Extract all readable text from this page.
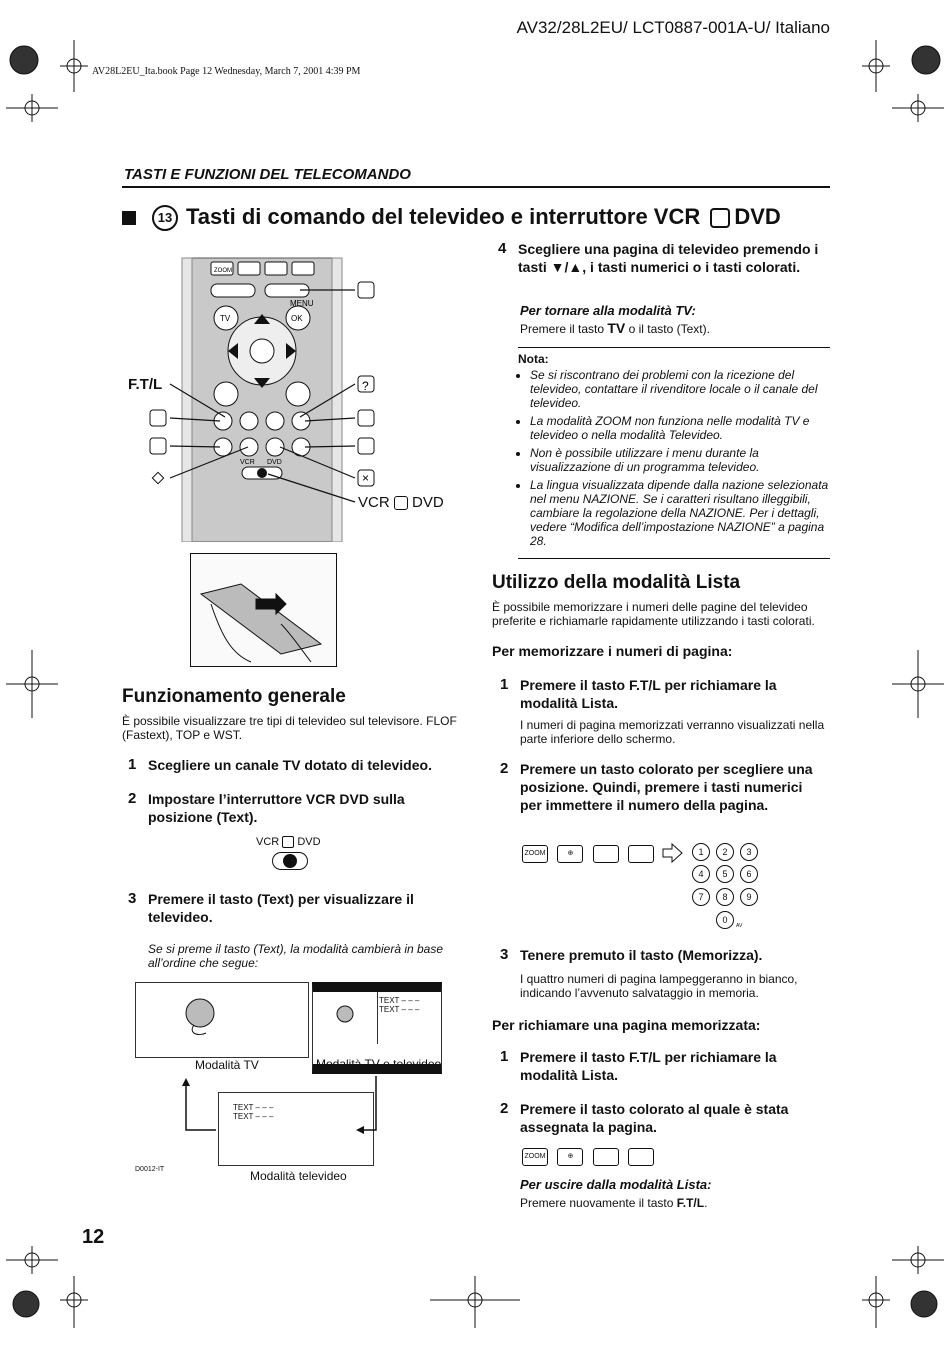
AV32/28L2EU/ LCT0887-001A-U/ Italiano
AV28L2EU_Ita.book Page 12 Wednesday, March 7, 2001 4:39 PM
TASTI E FUNZIONI DEL TELECOMANDO
13 Tasti di comando del televideo e interruttore VCR DVD
ZOOM
MENU
TV	OK
VCR DVD
?
×
F.T/L
VCR DVD
Funzionamento generale
È possibile visualizzare tre tipi di televideo sul televisore. FLOF (Fastext), TOP e WST.
1 Scegliere un canale TV dotato di televideo.
2 Impostare l’interruttore VCR DVD sulla posizione (Text).
VCR DVD
3 Premere il tasto (Text) per visualizzare il televideo.
Se si preme il tasto (Text), la modalità cambierà in base all’ordine che segue:
TEXT – – –
TEXT – – –
Modalità TV	Modalità TV e televideo
TEXT – – –
TEXT – – –
Modalità televideo
D0012-IT
4 Scegliere una pagina di televideo premendo i tasti ▼/▲, i tasti numerici o i tasti colorati.
Per tornare alla modalità TV:
Premere il tasto TV o il tasto (Text).
Nota:
• Se si riscontrano dei problemi con la ricezione del televideo, contattare il rivenditore locale o il canale del televideo.
• La modalità ZOOM non funziona nelle modalità TV e televideo o nella modalità Televideo.
• Non è possibile utilizzare i menu durante la visualizzazione di un programma televideo.
• La lingua visualizzata dipende dalla nazione selezionata nel menu NAZIONE. Se i caratteri risultano illeggibili, cambiare la regolazione della NAZIONE. Per i dettagli, vedere “Modifica dell’impostazione NAZIONE” a pagina 28.
Utilizzo della modalità Lista
È possibile memorizzare i numeri delle pagine del televideo preferite e richiamarle rapidamente utilizzando i tasti colorati.
Per memorizzare i numeri di pagina:
1 Premere il tasto F.T/L per richiamare la modalità Lista.
I numeri di pagina memorizzati verranno visualizzati nella parte inferiore dello schermo.
2 Premere un tasto colorato per scegliere una posizione. Quindi, premere i tasti numerici per immettere il numero della pagina.
ZOOM	⊕	1	2	3
4	5	6
7	8	9
0
AV
3 Tenere premuto il tasto (Memorizza).
I quattro numeri di pagina lampeggeranno in bianco, indicando l’avvenuto salvataggio in memoria.
Per richiamare una pagina memorizzata:
1 Premere il tasto F.T/L per richiamare la modalità Lista.
2 Premere il tasto colorato al quale è stata assegnata la pagina.
ZOOM	⊕
Per uscire dalla modalità Lista:
Premere nuovamente il tasto F.T/L.
12
